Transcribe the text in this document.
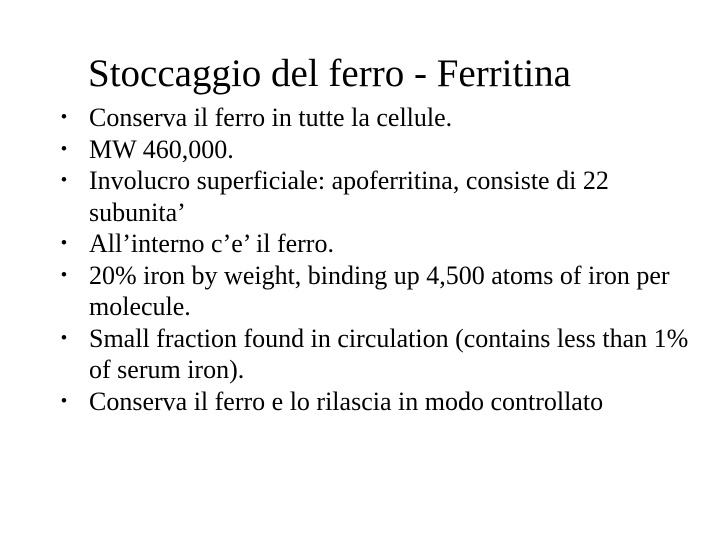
Stoccaggio del ferro - Ferritina
• Conserva il ferro in tutte la cellule.
• MW 460,000.
• Involucro superficiale: apoferritina, consiste di 22 subunita’
• All’interno c’e’ il ferro.
• 20% iron by weight, binding up 4,500 atoms of iron per molecule.
• Small fraction found in circulation (contains less than 1% of serum iron).
• Conserva il ferro e lo rilascia in modo controllato
